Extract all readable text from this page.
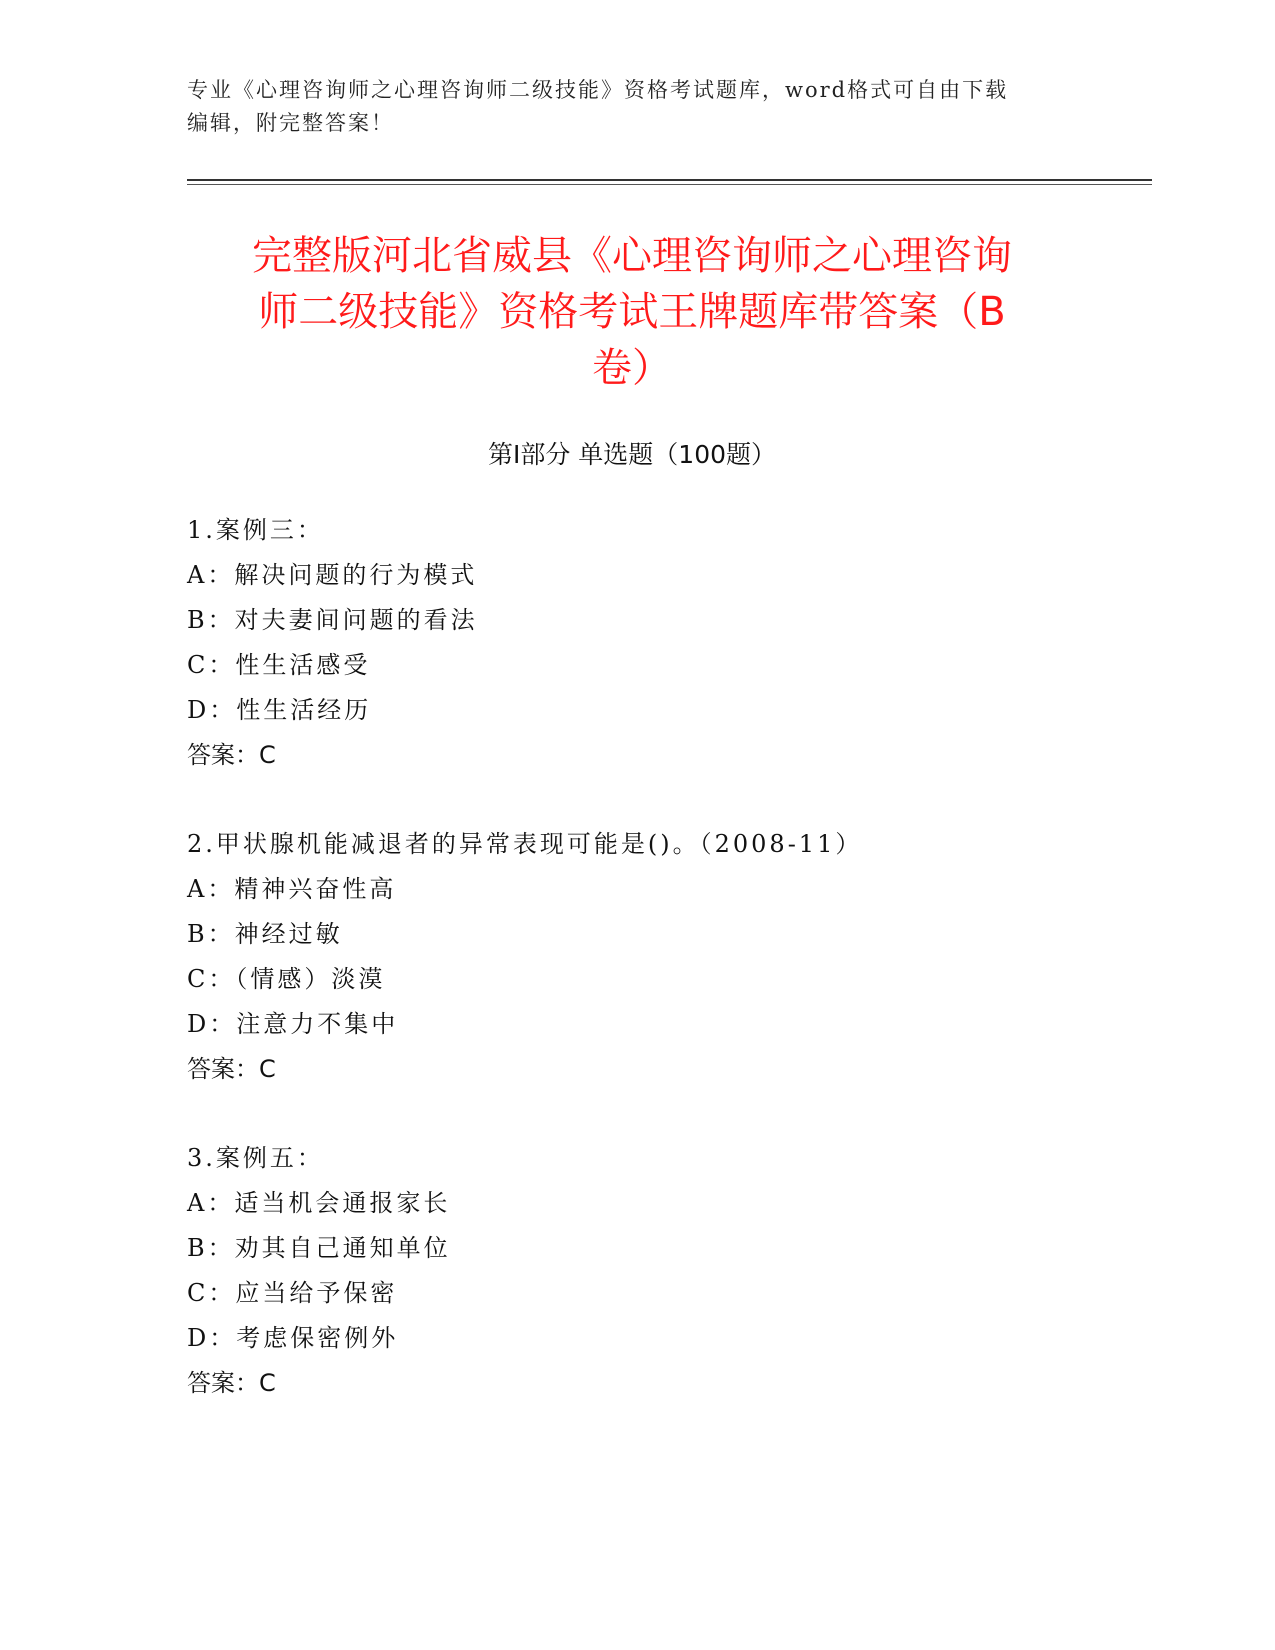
专业《心理咨询师之心理咨询师二级技能》资格考试题库，word格式可自由下载
编辑，附完整答案！
完整版河北省威县《心理咨询师之心理咨询
师二级技能》资格考试王牌题库带答案（B
卷）
第Ⅰ部分 单选题（100题）
1.案例三：
A：解决问题的行为模式
B：对夫妻间问题的看法
C：性生活感受
D：性生活经历
答案：C
2.甲状腺机能减退者的异常表现可能是()。（2008-11）
A：精神兴奋性高
B：神经过敏
C：（情感）淡漠
D：注意力不集中
答案：C
3.案例五：
A：适当机会通报家长
B：劝其自己通知单位
C：应当给予保密
D：考虑保密例外
答案：C
